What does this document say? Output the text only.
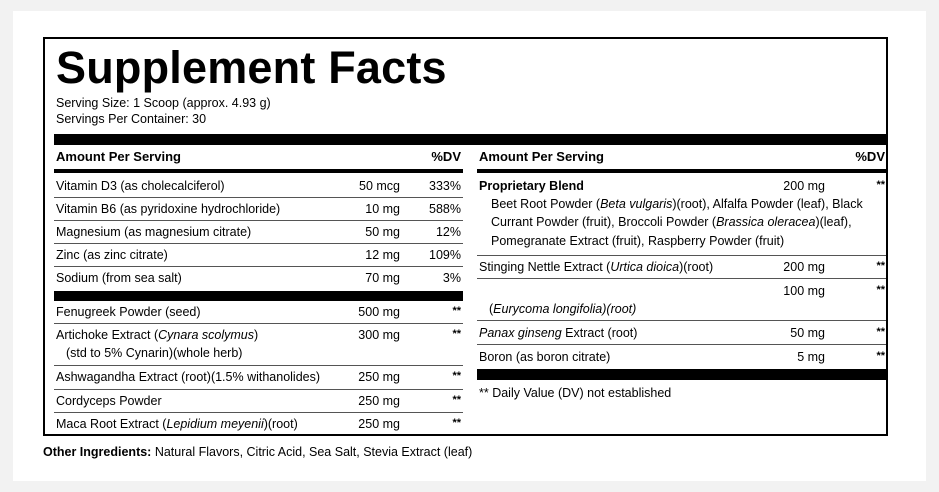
Supplement Facts
Serving Size: 1 Scoop (approx. 4.93 g)
Servings Per Container: 30
Amount Per Serving	%DV Amount Per Serving	%DV
Vitamin D3 (as cholecalciferol)	50 mcg	333%
Vitamin B6 (as pyridoxine hydrochloride)	10 mg	588%
Magnesium (as magnesium citrate)	50 mg	12%
Zinc (as zinc citrate)	12 mg	109%
Sodium (from sea salt)	70 mg	3%
Fenugreek Powder (seed)	500 mg	**
Artichoke Extract (Cynara scolymus)
(std to 5% Cynarin)(whole herb)
300 mg	**
Ashwagandha Extract (root)(1.5% withanolides)	250 mg	**
Cordyceps Powder	250 mg	**
Maca Root Extract (Lepidium meyenii)(root)	250 mg	**
Proprietary Blend	200 mg	**
Beet Root Powder (Beta vulgaris)(root), Alfalfa Powder (leaf), Black
Currant Powder (fruit), Broccoli Powder (Brassica oleracea)(leaf),
Pomegranate Extract (fruit), Raspberry Powder (fruit)
Stinging Nettle Extract (Urtica dioica)(root)	200 mg	**
100 mg	**
(Eurycoma longifolia)(root)
Panax ginseng Extract (root)	50 mg	**
Boron (as boron citrate)	5 mg	**
** Daily Value (DV) not established
Other Ingredients: Natural Flavors, Citric Acid, Sea Salt, Stevia Extract (leaf)
